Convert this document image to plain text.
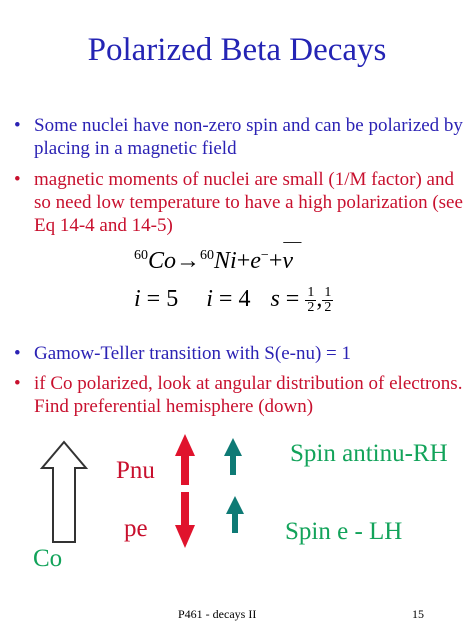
Polarized Beta Decays
• Some nuclei have non-zero spin and can be polarized by placing in a magnetic field
• magnetic moments of nuclei are small (1/M factor) and so need low temperature to have a high polarization (see Eq 14-4 and 14-5)
$^{60}$Co→$^{60}$Ni+e−+
—
ν
i = 5 i = 4 $s = \frac{1}{2}$ , $\frac{1}{2}$
• Gamow-Teller transition with S(e-nu) = 1
• if Co polarized, look at angular distribution of electrons. Find preferential hemisphere (down)
Pnu
pe
Spin antinu-RH
Spin e - LH
Co
P461 - decays II	15
